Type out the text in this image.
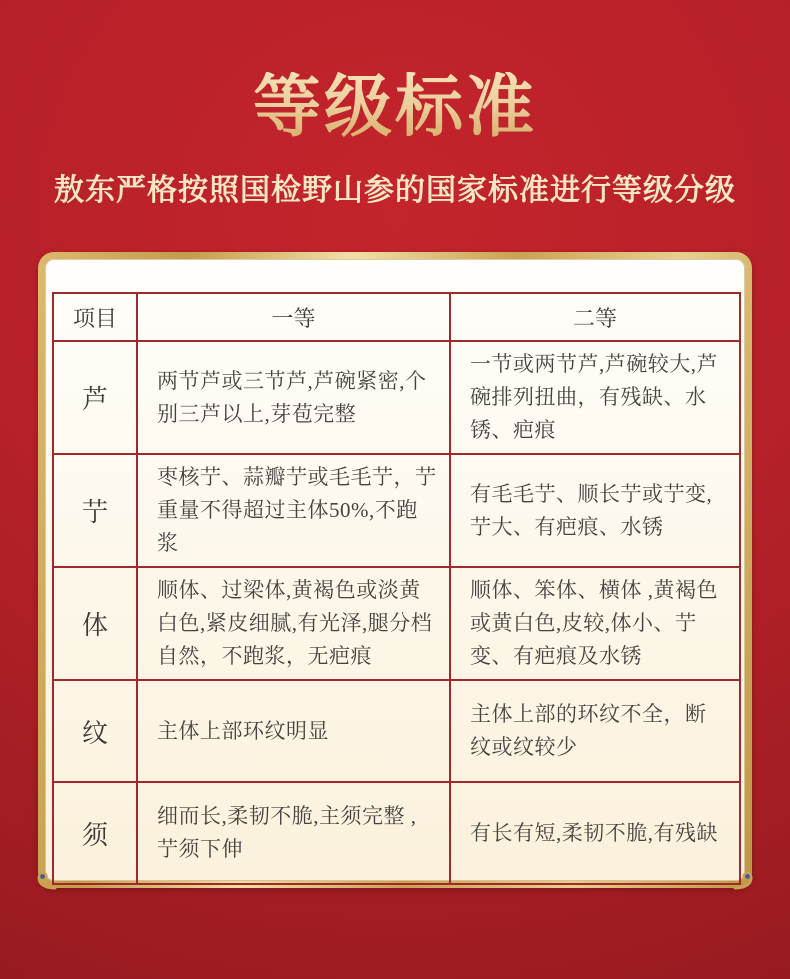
等级标准

敖东严格按照国检野山参的国家标准进行等级分级

项目	一等	二等
芦	两节芦或三节芦,芦碗紧密,个别三芦以上,芽苞完整	一节或两节芦,芦碗较大,芦碗排列扭曲，有残缺、水锈、疤痕
艼	枣核艼、蒜瓣艼或毛毛艼，艼重量不得超过主体50%,不跑浆	有毛毛艼、顺长艼或艼变,艼大、有疤痕、水锈
体	顺体、过梁体,黄褐色或淡黄白色,紧皮细腻,有光泽,腿分档自然，不跑浆，无疤痕	顺体、笨体、横体 ,黄褐色或黄白色,皮较,体小、艼变、有疤痕及水锈
纹	主体上部环纹明显	主体上部的环纹不全，断纹或纹较少
须	细而长,柔韧不脆,主须完整 ,艼须下伸	有长有短,柔韧不脆,有残缺
